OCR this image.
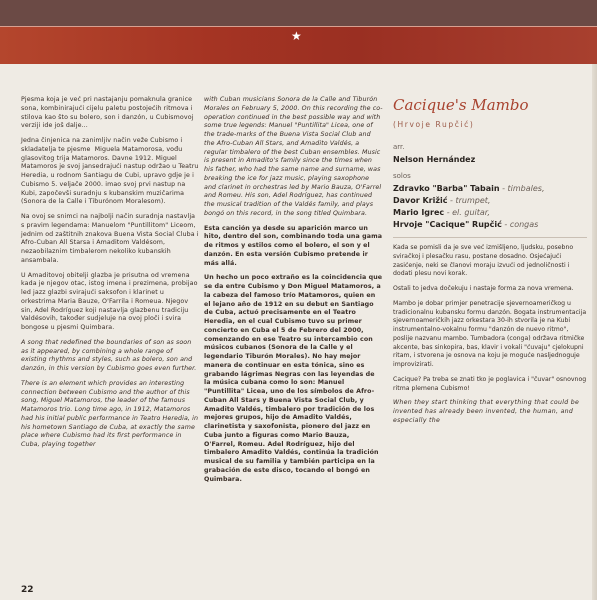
★

Pjesma koja je već pri nastajanju pomaknula granice sona, kombinirajući cijelu paletu postojećih ritmova i stilova kao što su bolero, son i danzón, u Cubismovoj verziji ide još dalje...

Jedna činjenica na zanimljiv način veže Cubismo i skladatelja te pjesme  Miguela Matamorosa, vođu glasovitog trija Matamoros. Davne 1912. Miguel Matamoros je svoj jansedrajući nastup održao u Teatru Heredia, u rodnom Santiagu de Cubi, upravo gdje je i Cubismo 5. veljače 2000. imao svoj prvi nastup na Kubi, započevši suradnju s kubanskim muzičarima (Sonora de la Calle i Tiburónom Moralesom).

Na ovoj se snimci na najbolji način suradnja nastavlja s pravim legendama: Manuelom "Puntillitom" Liceom, jednim od zaštitnih znakova Buena Vista Social Cluba i Afro-Cuban All Starsa i Amaditom Valdésom, nezaobilaznim timbalerom nekoliko kubanskih ansambala.

U Amaditovoj obitelji glazba je prisutna od vremena kada je njegov otac, istog imena i prezimena, probijao led jazz glazbi svirajući saksofon i klarinet u orkestrima Maria Bauze, O'Farrila i Romeua. Njegov sin, Adel Rodríguez koji nastavlja glazbenu tradiciju Valdésovih, također sudjeluje na ovoj ploči i svira bongose u pjesmi Quimbara.

A song that redefined the boundaries of son as soon as it appeared, by combining a whole range of existing rhythms and styles, such as bolero, son and danzón, in this version by Cubismo goes even further.

There is an element which provides an interesting connection between Cubismo and the author of this song, Miguel Matamoros, the leader of the famous Matamoros trio. Long time ago, in 1912, Matamoros had his initial public performance in Teatro Heredia, in his hometown Santiago de Cuba, at exactly the same place where Cubismo had its first performance in Cuba, playing together

with Cuban musicians Sonora de la Calle and Tiburón Morales on February 5, 2000. On this recording the co-operation continued in the best possible way and with some true legends: Manuel "Puntillita" Licea, one of the trade-marks of the Buena Vista Social Club and the Afro-Cuban All Stars, and Amadito Valdés, a regular timbalero of the best Cuban ensembles. Music is present in Amadito's family since the times when his father, who had the same name and surname, was breaking the ice for jazz music, playing saxophone and clarinet in orchestras led by Mario Bauza, O'Farrel and Romeu. His son, Adel Rodríguez, has continued the musical tradition of the Valdés family, and plays bongó on this record, in the song titled Quimbara.

Esta canción ya desde su aparición marco un hito, dentro del son, combinando toda una gama de ritmos y estilos como el bolero, el son y el danzón. En esta versión Cubismo pretende ir más allá.

Un hecho un poco extraño es la coincidencia que se da entre Cubismo y Don Miguel Matamoros, a la cabeza del famoso trío Matamoros, quien en el lejano año de 1912 en su debut en Santiago de Cuba, actuó precisamente en el Teatro Heredia, en el cual Cubismo tuvo su primer concierto en Cuba el 5 de Febrero del 2000, comenzando en ese Teatro su intercambio con músicos cubanos (Sonora de la Calle y el legendario Tiburón Morales). No hay mejor manera de continuar en esta tónica, sino es grabando lágrimas Negras con las leyendas de la música cubana como lo son: Manuel "Puntillita" Licea, uno de los símbolos de Afro-Cuban All Stars y Buena Vista Social Club, y Amadito Valdés, timbalero por tradición de los mejores grupos, hijo de Amadito Valdés, clarinetista y saxofonista, pionero del jazz en Cuba junto a figuras como Mario Bauza, O'Farrel, Romeu. Adel Rodríguez, hijo del timbalero Amadito Valdés, continúa la tradición musical de su familia y también participa en la grabación de este disco, tocando el bongó en Quimbara.

Cacique's Mambo

(Hrvoje Rupčić)

arr.

Nelson Hernández

solos

Zdravko "Barba" Tabain - timbales,

Davor Križić - trumpet,

Mario Igrec - el. guitar,

Hrvoje "Cacique" Rupčić - congas

Kada se pomisli da je sve već izmišljeno, ljudsku, posebno sviračkoj i plesačku rasu, postane dosadno. Osjećajući zasićenje, neki se članovi moraju izvući od jednoličnosti i dodati plesu novi korak.

Ostali to jedva dočekuju i nastaje forma za nova vremena.

Mambo je dobar primjer penetracije sjevernoameričkog u tradicionalnu kubansku formu danzón. Bogata instrumentacija sjevernoameričkih jazz orkestara 30-ih stvorila je na Kubi instrumentalno-vokalnu formu "danzón de nuevo ritmo", poslije nazvanu mambo. Tumbadora (conga) održava ritmičke akcente, bas sinkopira, bas, klavir i vokali "ćuvaju" cjelokupni ritam, i stvorena je osnova na koju je moguće nasljednoguje improvizirati.

Cacique? Pa treba se znati tko je poglavica i "čuvar" osnovnog ritma plemena Cubismo!

When they start thinking that everything that could be invented has already been invented, the human, and especially the

22
